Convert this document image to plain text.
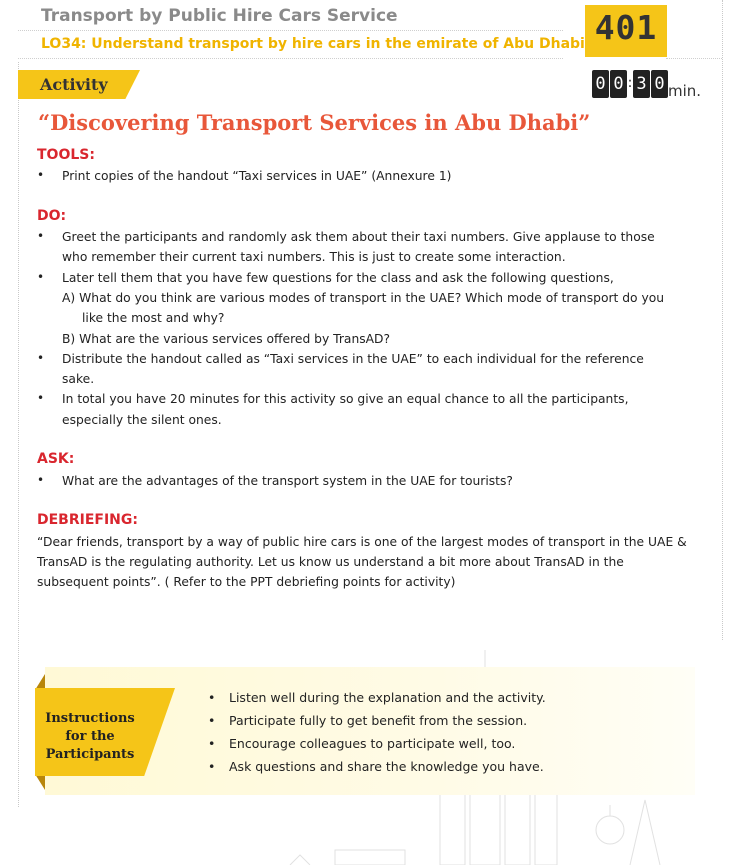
Transport by Public Hire Cars Service
LO34: Understand transport by hire cars in the emirate of Abu Dhabi 401
Activity	0 0 : 3 0 min.
“Discovering Transport Services in Abu Dhabi”
TOOLS:
• Print copies of the handout “Taxi services in UAE” (Annexure 1)
DO:
• Greet the participants and randomly ask them about their taxi numbers. Give applause to those
who remember their current taxi numbers. This is just to create some interaction.
• Later tell them that you have few questions for the class and ask the following questions,
A) What do you think are various modes of transport in the UAE? Which mode of transport do you
like the most and why?
B) What are the various services offered by TransAD?
• Distribute the handout called as “Taxi services in the UAE” to each individual for the reference
sake.
• In total you have 20 minutes for this activity so give an equal chance to all the participants,
especially the silent ones.
ASK:
• What are the advantages of the transport system in the UAE for tourists?
DEBRIEFING:
“Dear friends, transport by a way of public hire cars is one of the largest modes of transport in the UAE &
TransAD is the regulating authority. Let us know us understand a bit more about TransAD in the
subsequent points”. ( Refer to the PPT debriefing points for activity)
Instructions
for the
Participants
• Listen well during the explanation and the activity.
• Participate fully to get benefit from the session.
• Encourage colleagues to participate well, too.
• Ask questions and share the knowledge you have.
